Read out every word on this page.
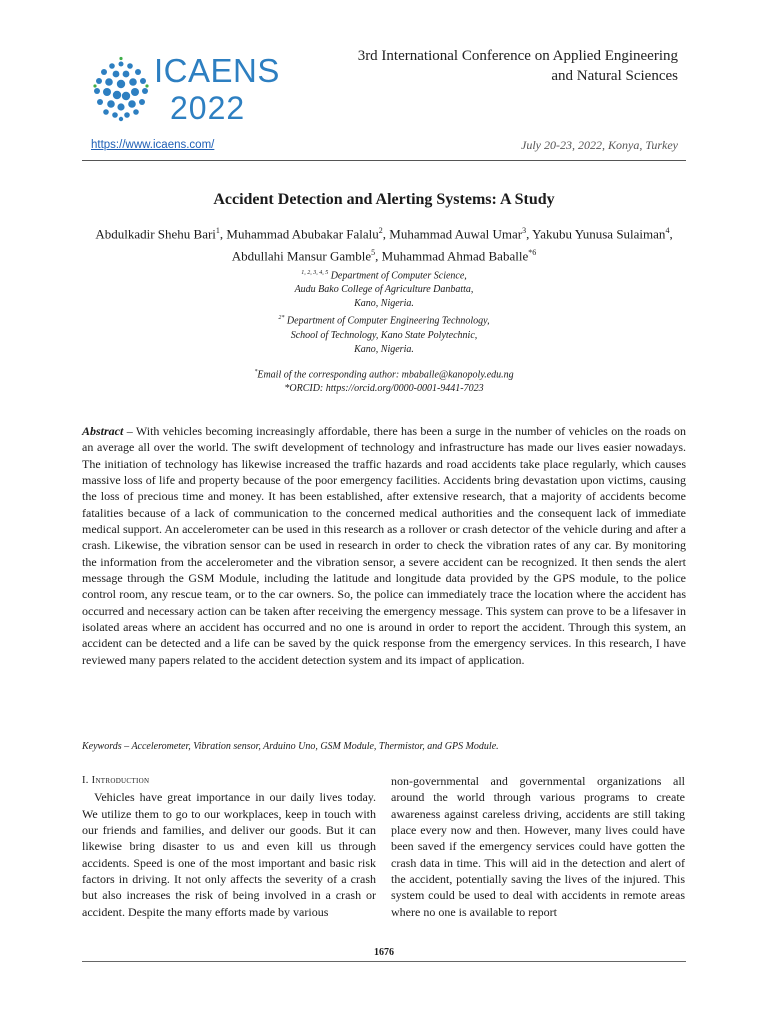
ICAENS
2022
3rd International Conference on Applied Engineering
and Natural Sciences
https://www.icaens.com/	July 20-23, 2022, Konya, Turkey
Accident Detection and Alerting Systems: A Study
Abdulkadir Shehu Bari$^1$, Muhammad Abubakar Falalu$^2$, Muhammad Auwal Umar$^3$, Yakubu Yunusa Sulaiman$^4$, Abdullahi Mansur Gamble$^5$, Muhammad Ahmad Baballe$^{*6}$
$^{1, 2, 3, 4, 5}$ Department of Computer Science,
Audu Bako College of Agriculture Danbatta,
Kano, Nigeria.
$^{2*}$ Department of Computer Engineering Technology,
School of Technology, Kano State Polytechnic,
Kano, Nigeria.
*Email of the corresponding author: mbaballe@kanopoly.edu.ng
*ORCID: https://orcid.org/0000-0001-9441-7023

Abstract – With vehicles becoming increasingly affordable, there has been a surge in the number of vehicles on the roads on an average all over the world. The swift development of technology and infrastructure has made our lives easier nowadays. The initiation of technology has likewise increased the traffic hazards and road accidents take place regularly, which causes massive loss of life and property because of the poor emergency facilities. Accidents bring devastation upon victims, causing the loss of precious time and money. It has been established, after extensive research, that a majority of accidents become fatalities because of a lack of communication to the concerned medical authorities and the consequent lack of immediate medical support. An accelerometer can be used in this research as a rollover or crash detector of the vehicle during and after a crash. Likewise, the vibration sensor can be used in research in order to check the vibration rates of any car. By monitoring the information from the accelerometer and the vibration sensor, a severe accident can be recognized. It then sends the alert message through the GSM Module, including the latitude and longitude data provided by the GPS module, to the police control room, any rescue team, or to the car owners. So, the police can immediately trace the location where the accident has occurred and necessary action can be taken after receiving the emergency message. This system can prove to be a lifesaver in isolated areas where an accident has occurred and no one is around in order to report the accident. Through this system, an accident can be detected and a life can be saved by the quick response from the emergency services. In this research, I have reviewed many papers related to the accident detection system and its impact of application.

Keywords – Accelerometer, Vibration sensor, Arduino Uno, GSM Module, Thermistor, and GPS Module.

I. Introduction

Vehicles have great importance in our daily lives today. We utilize them to go to our workplaces, keep in touch with our friends and families, and deliver our goods. But it can likewise bring disaster to us and even kill us through accidents. Speed is one of the most important and basic risk factors in driving. It not only affects the severity of a crash but also increases the risk of being involved in a crash or accident. Despite the many efforts made by various

non-governmental and governmental organizations all around the world through various programs to create awareness against careless driving, accidents are still taking place every now and then. However, many lives could have been saved if the emergency services could have gotten the crash data in time. This will aid in the detection and alert of the accident, potentially saving the lives of the injured. This system could be used to deal with accidents in remote areas where no one is available to report

1676
